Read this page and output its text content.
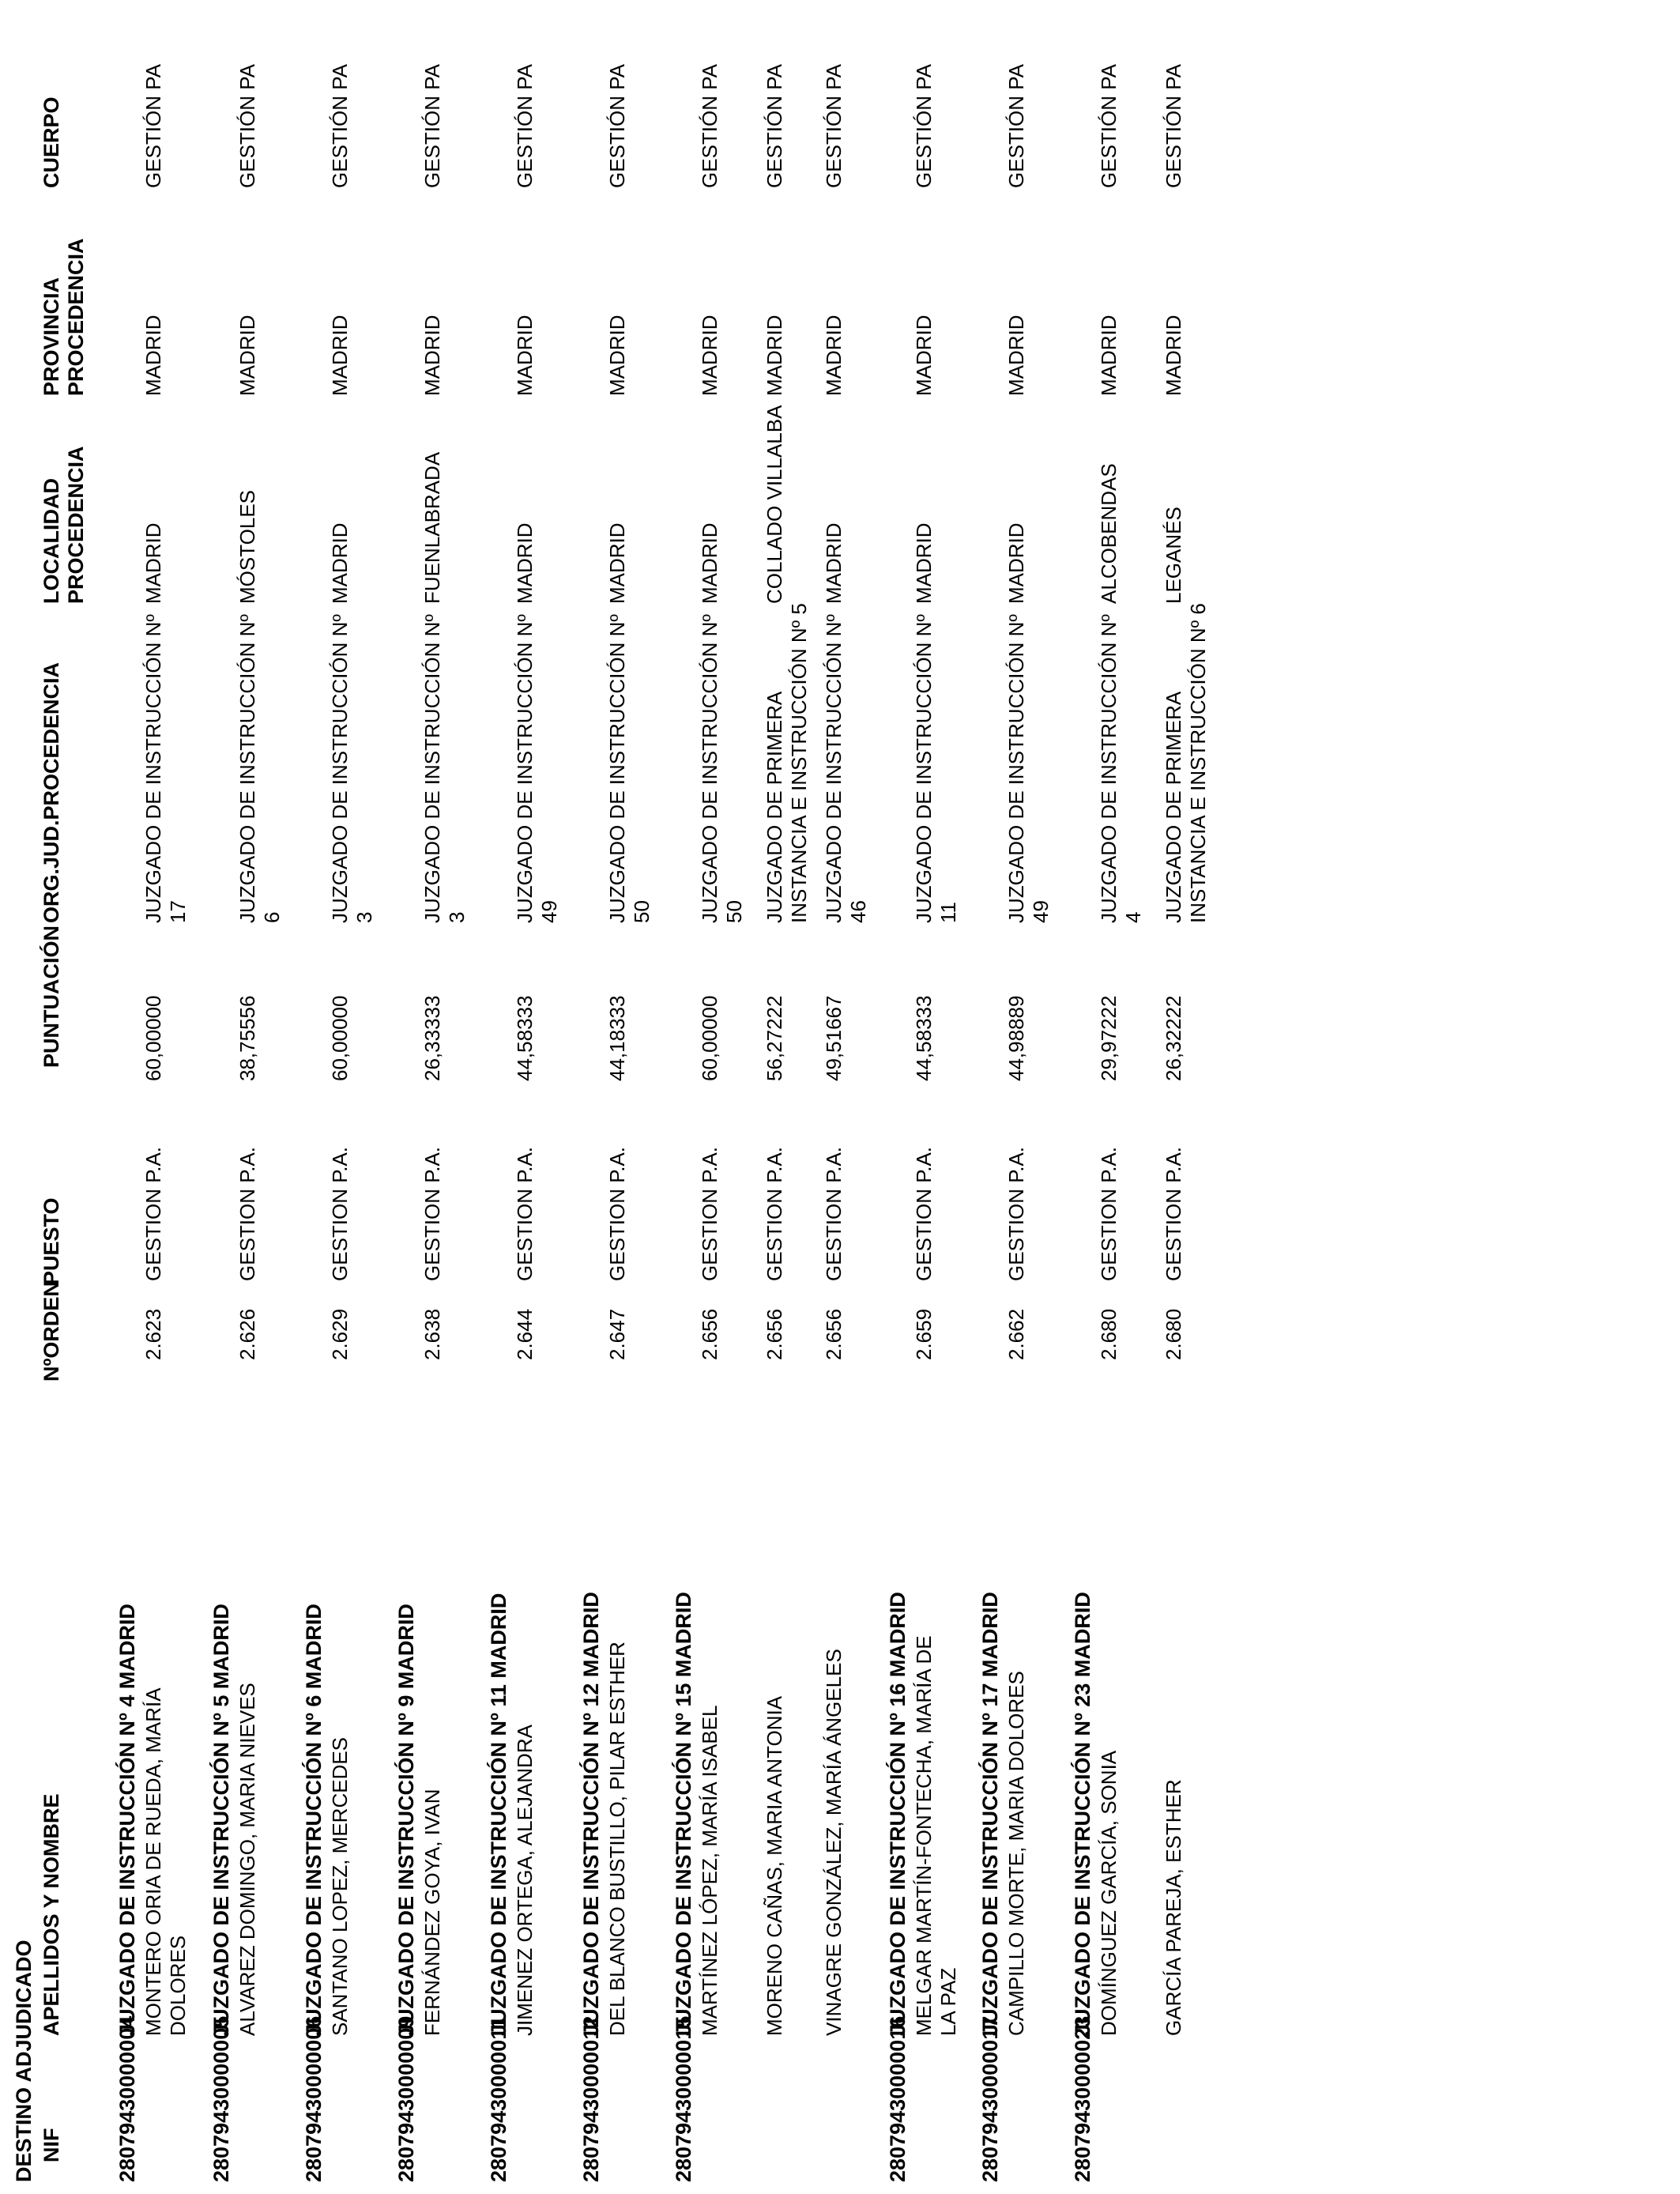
DESTINO ADJUDICADO NIF
APELLIDOS Y NOMBRE
NºORDEN
PUESTO
PUNTUACIÓN
ORG.JUD.PROCEDENCIA
LOCALIDAD
PROCEDENCIA
PROVINCIA
PROCEDENCIA
CUERPO
28079430000004
JUZGADO DE INSTRUCCIÓN Nº 4 MADRID MONTERO ORIA DE RUEDA, MARÍA
DOLORES
2.623
GESTION P.A.
60,00000
JUZGADO DE INSTRUCCIÓN Nº
17
MADRID
MADRID
GESTIÓN PA
28079430000005
JUZGADO DE INSTRUCCIÓN Nº 5 MADRID ALVAREZ DOMINGO, MARIA NIEVES
2.626
GESTION P.A.
38,75556
JUZGADO DE INSTRUCCIÓN Nº
6
MÓSTOLES
MADRID
GESTIÓN PA
28079430000006
JUZGADO DE INSTRUCCIÓN Nº 6 MADRID SANTANO LOPEZ, MERCEDES
2.629
GESTION P.A.
60,00000
JUZGADO DE INSTRUCCIÓN Nº
3
MADRID
MADRID
GESTIÓN PA
28079430000009
JUZGADO DE INSTRUCCIÓN Nº 9 MADRID FERNÁNDEZ GOYA, IVAN
2.638
GESTION P.A.
26,33333
JUZGADO DE INSTRUCCIÓN Nº
3
FUENLABRADA
MADRID
GESTIÓN PA
28079430000011
JUZGADO DE INSTRUCCIÓN Nº 11 MADRID JIMENEZ ORTEGA, ALEJANDRA
2.644
GESTION P.A.
44,58333
JUZGADO DE INSTRUCCIÓN Nº
49
MADRID
MADRID
GESTIÓN PA
28079430000012
JUZGADO DE INSTRUCCIÓN Nº 12 MADRID DEL BLANCO BUSTILLO, PILAR ESTHER
2.647
GESTION P.A.
44,18333
JUZGADO DE INSTRUCCIÓN Nº
50
MADRID
MADRID
GESTIÓN PA
28079430000015
JUZGADO DE INSTRUCCIÓN Nº 15 MADRID MARTÍNEZ LÓPEZ, MARÍA ISABEL
2.656
GESTION P.A.
60,00000
JUZGADO DE INSTRUCCIÓN Nº
50
MADRID
MADRID
GESTIÓN PA
MORENO CAÑAS, MARIA ANTONIA
2.656
GESTION P.A.
56,27222
JUZGADO DE PRIMERA
INSTANCIA E INSTRUCCIÓN Nº 5
COLLADO VILLALBA
MADRID
GESTIÓN PA
VINAGRE GONZÁLEZ, MARÍA ÁNGELES
2.656
GESTION P.A.
49,51667
JUZGADO DE INSTRUCCIÓN Nº
46
MADRID
MADRID
GESTIÓN PA
28079430000016
JUZGADO DE INSTRUCCIÓN Nº 16 MADRID MELGAR MARTÍN-FONTECHA, MARÍA DE
LA PAZ
2.659
GESTION P.A.
44,58333
JUZGADO DE INSTRUCCIÓN Nº
11
MADRID
MADRID
GESTIÓN PA
28079430000017
JUZGADO DE INSTRUCCIÓN Nº 17 MADRID CAMPILLO MORTE, MARIA DOLORES
2.662
GESTION P.A.
44,98889
JUZGADO DE INSTRUCCIÓN Nº
49
MADRID
MADRID
GESTIÓN PA
28079430000023
JUZGADO DE INSTRUCCIÓN Nº 23 MADRID DOMÍNGUEZ GARCÍA, SONIA
2.680
GESTION P.A.
29,97222
JUZGADO DE INSTRUCCIÓN Nº
4
ALCOBENDAS
MADRID
GESTIÓN PA
GARCÍA PAREJA, ESTHER
2.680
GESTION P.A.
26,32222
JUZGADO DE PRIMERA
INSTANCIA E INSTRUCCIÓN Nº 6
LEGANÉS
MADRID
GESTIÓN PA
